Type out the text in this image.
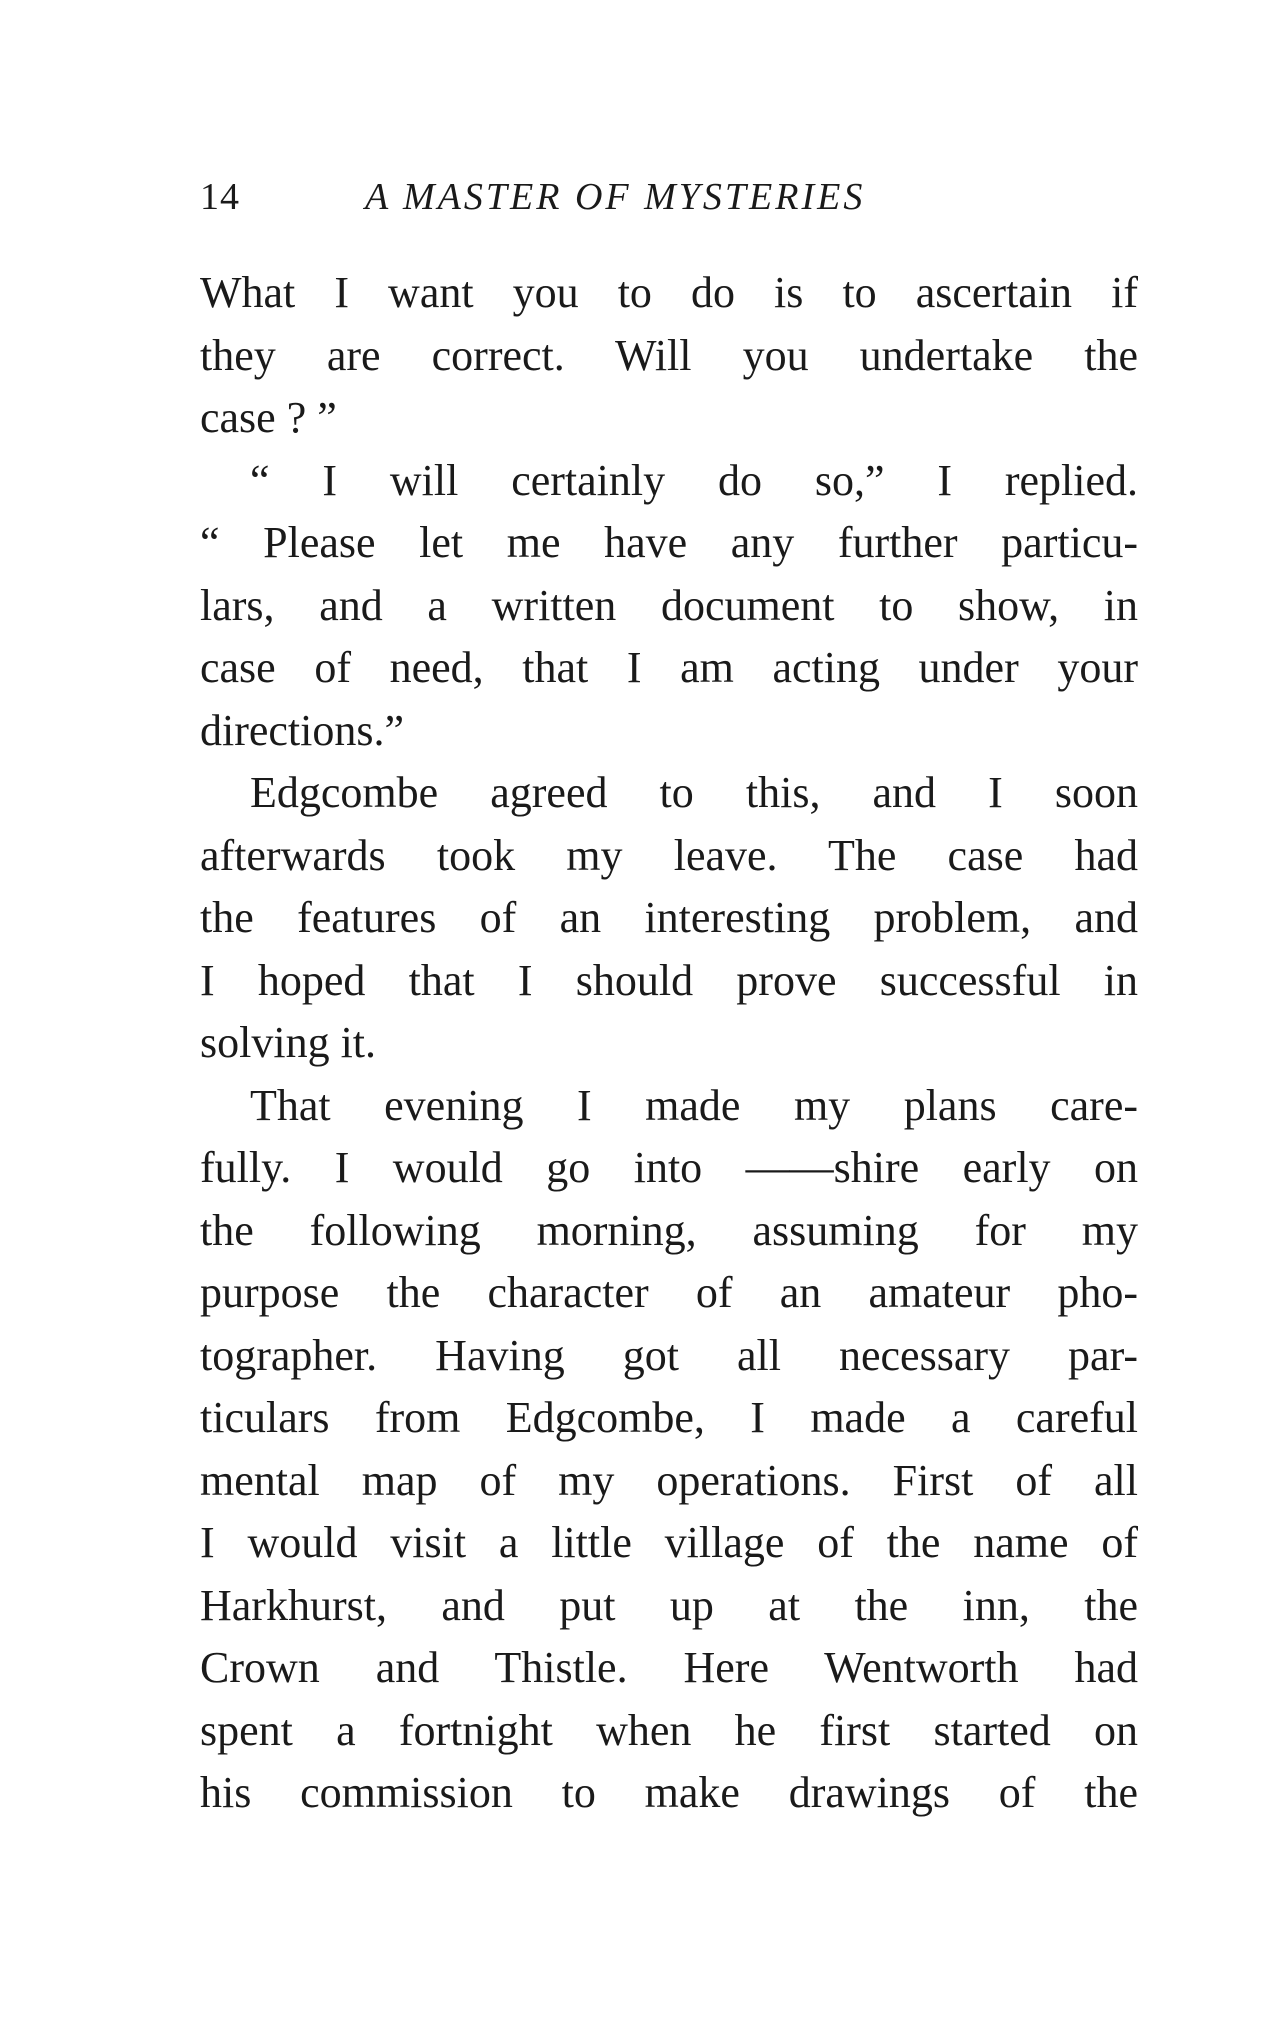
14	A MASTER OF MYSTERIES
What I want you to do is to ascertain if
they are correct. Will you undertake the
case ? ”
“ I will certainly do so,” I replied.
“ Please let me have any further particu-
lars, and a written document to show, in
case of need, that I am acting under your
directions.”
Edgcombe agreed to this, and I soon
afterwards took my leave. The case had
the features of an interesting problem, and
I hoped that I should prove successful in
solving it.
That evening I made my plans care-
fully. I would go into ——shire early on
the following morning, assuming for my
purpose the character of an amateur pho-
tographer. Having got all necessary par-
ticulars from Edgcombe, I made a careful
mental map of my operations. First of all
I would visit a little village of the name of
Harkhurst, and put up at the inn, the
Crown and Thistle. Here Wentworth had
spent a fortnight when he first started on
his commission to make drawings of the
